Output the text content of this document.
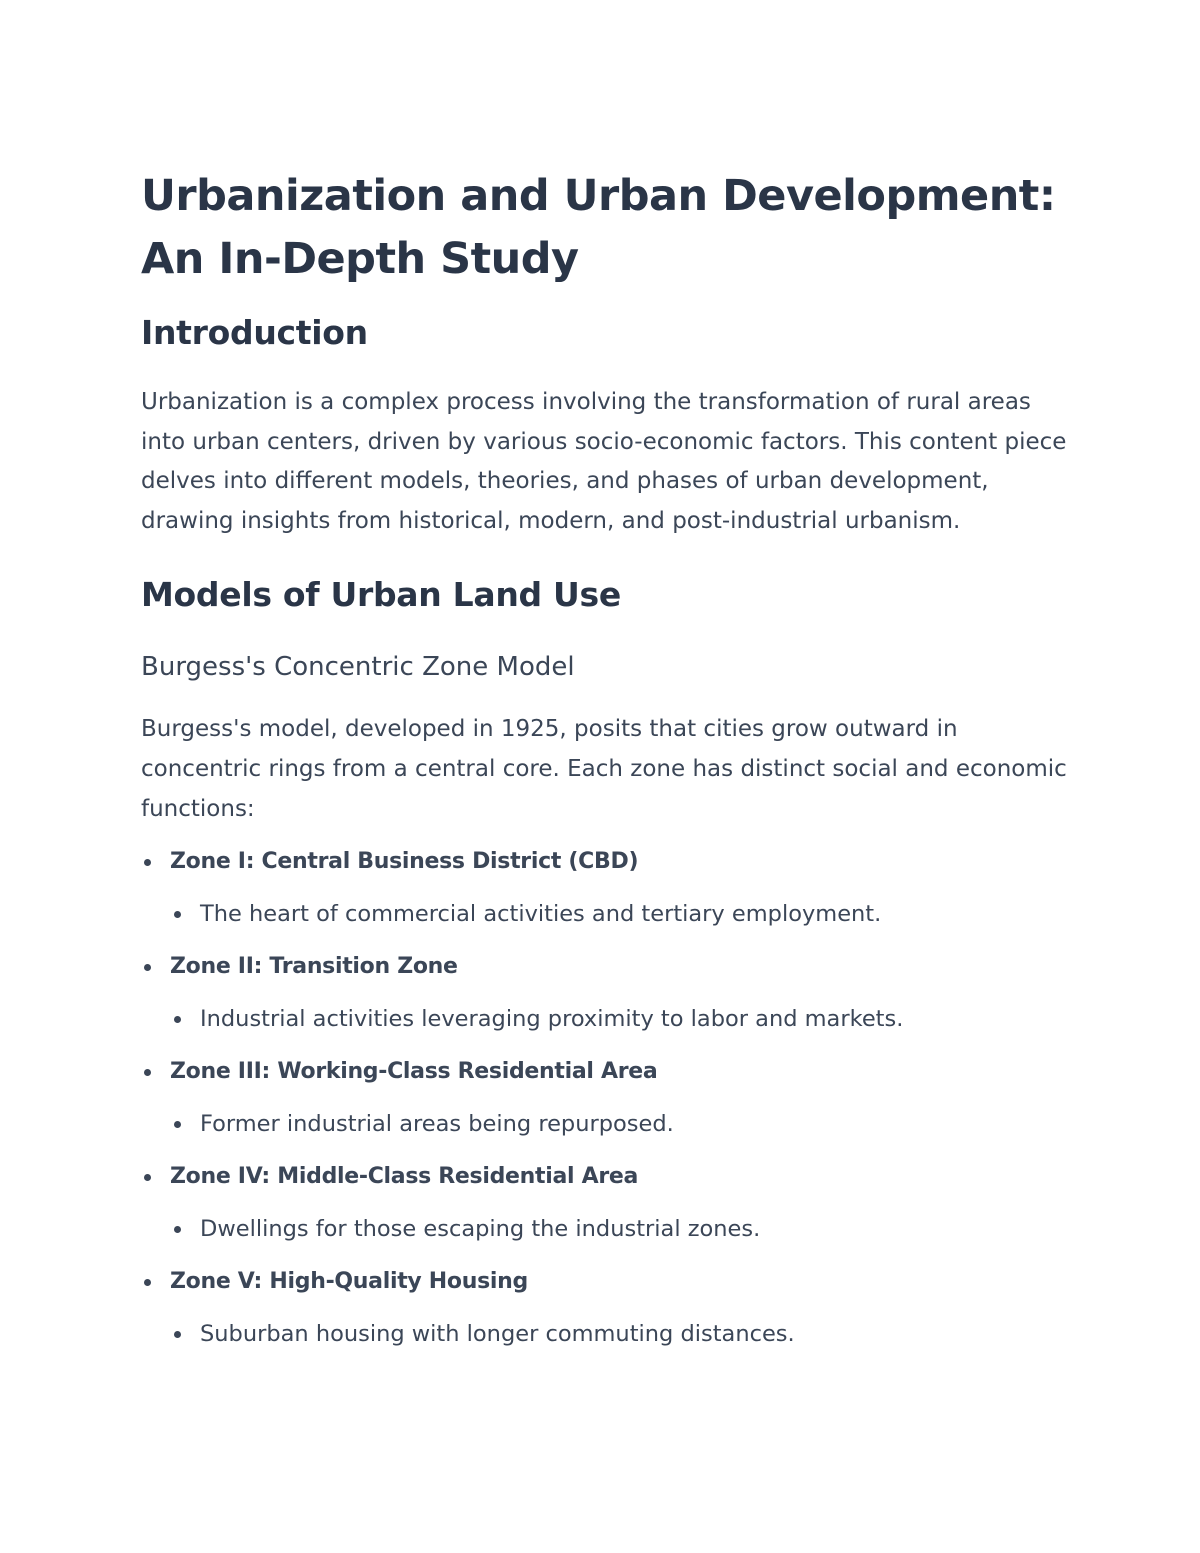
Urbanization and Urban Development: An In-Depth Study
Introduction

Urbanization is a complex process involving the transformation of rural areas into urban centers, driven by various socio-economic factors. This content piece delves into different models, theories, and phases of urban development, drawing insights from historical, modern, and post-industrial urbanism.

Models of Urban Land Use
Burgess's Concentric Zone Model

Burgess's model, developed in 1925, posits that cities grow outward in concentric rings from a central core. Each zone has distinct social and economic functions:

Zone I: Central Business District (CBD)
The heart of commercial activities and tertiary employment.
Zone II: Transition Zone
Industrial activities leveraging proximity to labor and markets.
Zone III: Working-Class Residential Area
Former industrial areas being repurposed.
Zone IV: Middle-Class Residential Area
Dwellings for those escaping the industrial zones.
Zone V: High-Quality Housing
Suburban housing with longer commuting distances.
